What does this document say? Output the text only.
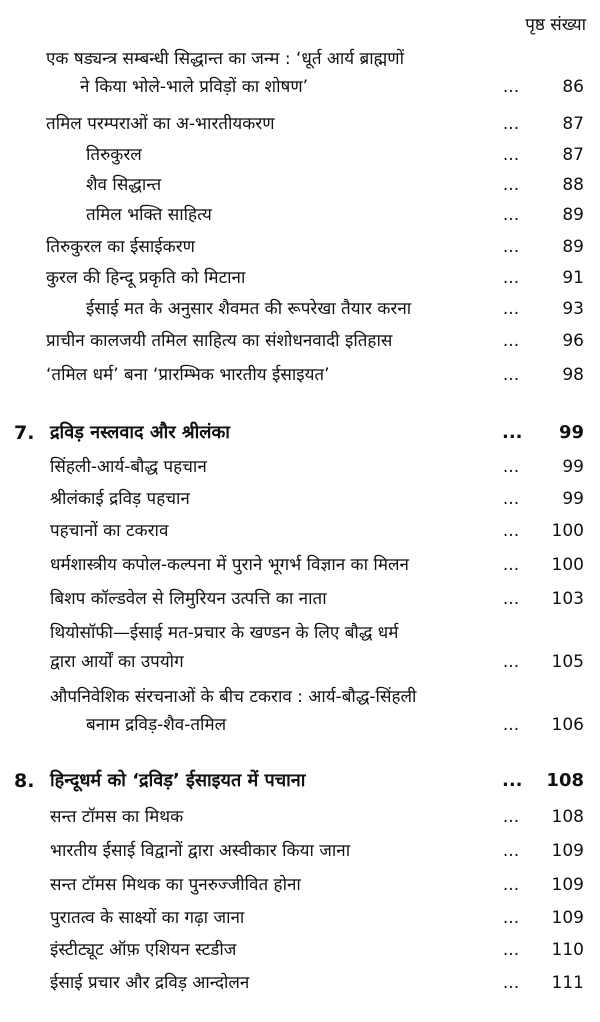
पृष्ठ संख्या
एक षड्यन्त्र सम्बन्धी सिद्धान्त का जन्म : ‘धूर्त आर्य ब्राह्मणों
ने किया भोले-भाले प्रविड़ों का शोषण’	...	86
तमिल परम्पराओं का अ-भारतीयकरण	...	87
तिरुकुरल	...	87
शैव सिद्धान्त	...	88
तमिल भक्ति साहित्य	...	89
तिरुकुरल का ईसाईकरण	...	89
कुरल की हिन्दू प्रकृति को मिटाना	...	91
ईसाई मत के अनुसार शैवमत की रूपरेखा तैयार करना	...	93
प्राचीन कालजयी तमिल साहित्य का संशोधनवादी इतिहास	...	96
‘तमिल धर्म’ बना ‘प्रारम्भिक भारतीय ईसाइयत’	...	98
7. द्रविड़ नस्लवाद और श्रीलंका	...	99
सिंहली-आर्य-बौद्ध पहचान	...	99
श्रीलंकाई द्रविड़ पहचान	...	99
पहचानों का टकराव	...	100
धर्मशास्त्रीय कपोल-कल्पना में पुराने भूगर्भ विज्ञान का मिलन	...	100
बिशप कॉल्डवेल से लिमुरियन उत्पत्ति का नाता	...	103
थियोसॉफी—ईसाई मत-प्रचार के खण्डन के लिए बौद्ध धर्म
द्वारा आर्यों का उपयोग	...	105
औपनिवेशिक संरचनाओं के बीच टकराव : आर्य-बौद्ध-सिंहली
बनाम द्रविड़-शैव-तमिल	...	106
8. हिन्दूधर्म को ‘द्रविड़’ ईसाइयत में पचाना	...	108
सन्त टॉमस का मिथक	...	108
भारतीय ईसाई विद्वानों द्वारा अस्वीकार किया जाना	...	109
सन्त टॉमस मिथक का पुनरुज्जीवित होना	...	109
पुरातत्व के साक्ष्यों का गढ़ा जाना	...	109
इंस्टीट्यूट ऑफ़ एशियन स्टडीज	...	110
ईसाई प्रचार और द्रविड़ आन्दोलन	...	111
